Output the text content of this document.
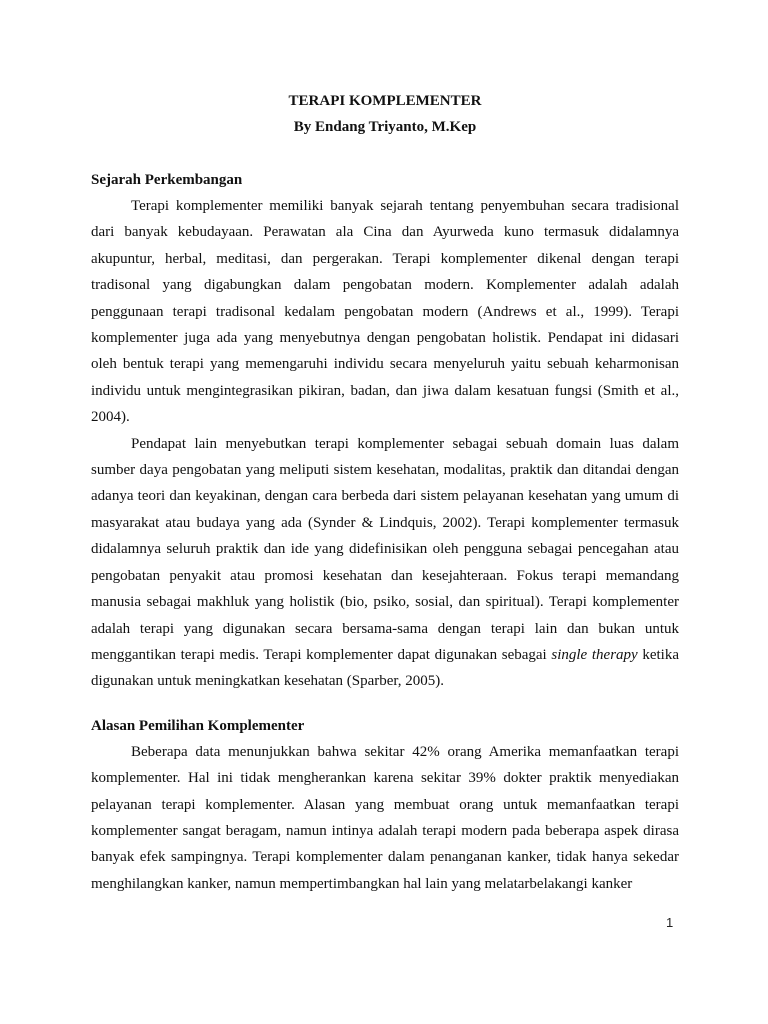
TERAPI KOMPLEMENTER

By Endang Triyanto, M.Kep

Sejarah Perkembangan

Terapi komplementer memiliki banyak sejarah tentang penyembuhan secara tradisional dari banyak kebudayaan. Perawatan ala Cina dan Ayurweda kuno termasuk didalamnya akupuntur, herbal, meditasi, dan pergerakan. Terapi komplementer dikenal dengan terapi tradisonal yang digabungkan dalam pengobatan modern. Komplementer adalah adalah penggunaan terapi tradisonal kedalam pengobatan modern (Andrews et al., 1999). Terapi komplementer juga ada yang menyebutnya dengan pengobatan holistik. Pendapat ini didasari oleh bentuk terapi yang memengaruhi individu secara menyeluruh yaitu sebuah keharmonisan individu untuk mengintegrasikan pikiran, badan, dan jiwa dalam kesatuan fungsi (Smith et al., 2004).

Pendapat lain menyebutkan terapi komplementer sebagai sebuah domain luas dalam sumber daya pengobatan yang meliputi sistem kesehatan, modalitas, praktik dan ditandai dengan adanya teori dan keyakinan, dengan cara berbeda dari sistem pelayanan kesehatan yang umum di masyarakat atau budaya yang ada (Synder & Lindquis, 2002). Terapi komplementer termasuk didalamnya seluruh praktik dan ide yang didefinisikan oleh pengguna sebagai pencegahan atau pengobatan penyakit atau promosi kesehatan dan kesejahteraan. Fokus terapi memandang manusia sebagai makhluk yang holistik (bio, psiko, sosial, dan spiritual). Terapi komplementer adalah terapi yang digunakan secara bersama-sama dengan terapi lain dan bukan untuk menggantikan terapi medis. Terapi komplementer dapat digunakan sebagai single therapy ketika digunakan untuk meningkatkan kesehatan (Sparber, 2005).

Alasan Pemilihan Komplementer

Beberapa data menunjukkan bahwa sekitar 42% orang Amerika memanfaatkan terapi komplementer. Hal ini tidak mengherankan karena sekitar 39% dokter praktik menyediakan pelayanan terapi komplementer. Alasan yang membuat orang untuk memanfaatkan terapi komplementer sangat beragam, namun intinya adalah terapi modern pada beberapa aspek dirasa banyak efek sampingnya. Terapi komplementer dalam penanganan kanker, tidak hanya sekedar menghilangkan kanker, namun mempertimbangkan hal lain yang melatarbelakangi kanker

1
